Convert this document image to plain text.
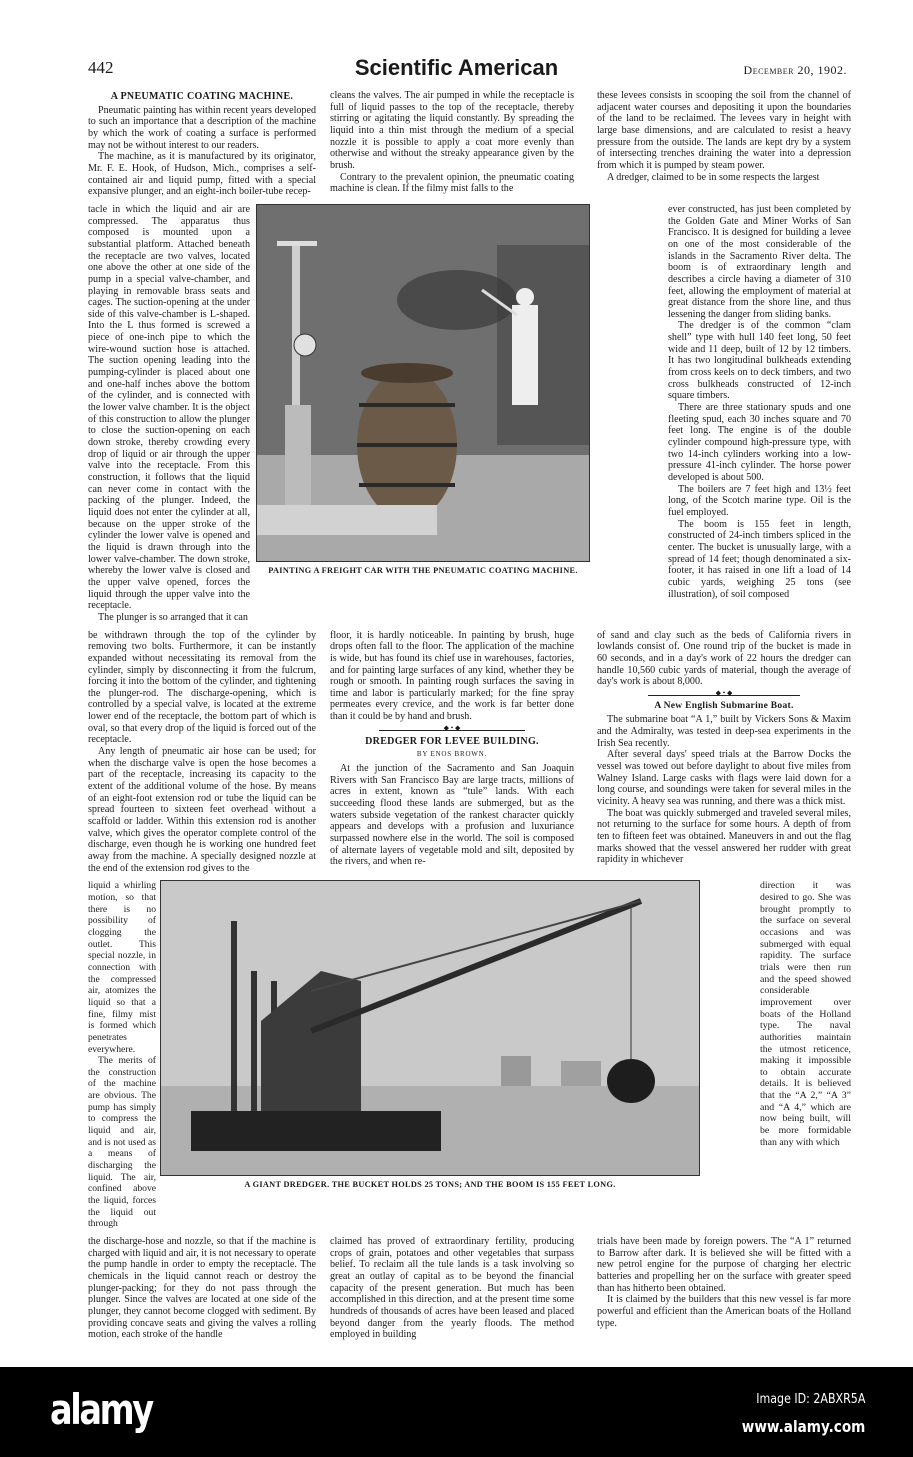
442	Scientific American	December 20, 1902.

A PNEUMATIC COATING MACHINE.

Pneumatic painting has within recent years developed to such an importance that a description of the machine by which the work of coating a surface is performed may not be without interest to our readers.

The machine, as it is manufactured by its originator, Mr. F. E. Hook, of Hudson, Mich., comprises a self-contained air and liquid pump, fitted with a special expansive plunger, and an eight-inch boiler-tube recep-

cleans the valves. The air pumped in while the receptacle is full of liquid passes to the top of the receptacle, thereby stirring or agitating the liquid constantly. By spreading the liquid into a thin mist through the medium of a special nozzle it is possible to apply a coat more evenly than otherwise and without the streaky appearance given by the brush.

Contrary to the prevalent opinion, the pneumatic coating machine is clean. If the filmy mist falls to the

these levees consists in scooping the soil from the channel of adjacent water courses and depositing it upon the boundaries of the land to be reclaimed. The levees vary in height with large base dimensions, and are calculated to resist a heavy pressure from the outside. The lands are kept dry by a system of intersecting trenches draining the water into a depression from which it is pumped by steam power.

A dredger, claimed to be in some respects the largest

tacle in which the liquid and air are compressed. The apparatus thus composed is mounted upon a substantial platform. Attached beneath the receptacle are two valves, located one above the other at one side of the pump in a special valve-chamber, and playing in removable brass seats and cages. The suction-opening at the under side of this valve-chamber is L-shaped. Into the L thus formed is screwed a piece of one-inch pipe to which the wire-wound suction hose is attached. The suction opening leading into the pumping-cylinder is placed about one and one-half inches above the bottom of the cylinder, and is connected with the lower valve chamber. It is the object of this construction to allow the plunger to close the suction-opening on each down stroke, thereby crowding every drop of liquid or air through the upper valve into the receptacle. From this construction, it follows that the liquid can never come in contact with the packing of the plunger. Indeed, the liquid does not enter the cylinder at all, because on the upper stroke of the cylinder the lower valve is opened and the liquid is drawn through into the lower valve-chamber. The down stroke, whereby the lower valve is closed and the upper valve opened, forces the liquid through the upper valve into the receptacle.

The plunger is so arranged that it can

PAINTING A FREIGHT CAR WITH THE PNEUMATIC COATING MACHINE.

ever constructed, has just been completed by the Golden Gate and Miner Works of San Francisco. It is designed for building a levee on one of the most considerable of the islands in the Sacramento River delta. The boom is of extraordinary length and describes a circle having a diameter of 310 feet, allowing the employment of material at great distance from the shore line, and thus lessening the danger from sliding banks.

The dredger is of the common “clam shell” type with hull 140 feet long, 50 feet wide and 11 deep, built of 12 by 12 timbers. It has two longitudinal bulkheads extending from cross keels on to deck timbers, and two cross bulkheads constructed of 12-inch square timbers.

There are three stationary spuds and one fleeting spud, each 30 inches square and 70 feet long. The engine is of the double cylinder compound high-pressure type, with two 14-inch cylinders working into a low-pressure 41-inch cylinder. The horse power developed is about 500.

The boilers are 7 feet high and 13½ feet long, of the Scotch marine type. Oil is the fuel employed.

The boom is 155 feet in length, constructed of 24-inch timbers spliced in the center. The bucket is unusually large, with a spread of 14 feet; though denominated a six-footer, it has raised in one lift a load of 14 cubic yards, weighing 25 tons (see illustration), of soil composed

be withdrawn through the top of the cylinder by removing two bolts. Furthermore, it can be instantly expanded without necessitating its removal from the cylinder, simply by disconnecting it from the fulcrum, forcing it into the bottom of the cylinder, and tightening the plunger-rod. The discharge-opening, which is controlled by a special valve, is located at the extreme lower end of the receptacle, the bottom part of which is oval, so that every drop of the liquid is forced out of the receptacle.

Any length of pneumatic air hose can be used; for when the discharge valve is open the hose becomes a part of the receptacle, increasing its capacity to the extent of the additional volume of the hose. By means of an eight-foot extension rod or tube the liquid can be spread fourteen to sixteen feet overhead without a scaffold or ladder. Within this extension rod is another valve, which gives the operator complete control of the discharge, even though he is working one hundred feet away from the machine. A specially designed nozzle at the end of the extension rod gives to the

floor, it is hardly noticeable. In painting by brush, huge drops often fall to the floor. The application of the machine is wide, but has found its chief use in warehouses, factories, and for painting large surfaces of any kind, whether they be rough or smooth. In painting rough surfaces the saving in time and labor is particularly marked; for the fine spray permeates every crevice, and the work is far better done than it could be by hand and brush.

◆ • ◆

DREDGER FOR LEVEE BUILDING.

BY ENOS BROWN.

At the junction of the Sacramento and San Joaquin Rivers with San Francisco Bay are large tracts, millions of acres in extent, known as “tule” lands. With each succeeding flood these lands are submerged, but as the waters subside vegetation of the rankest character quickly appears and develops with a profusion and luxuriance surpassed nowhere else in the world. The soil is composed of alternate layers of vegetable mold and silt, deposited by the rivers, and when re-

of sand and clay such as the beds of California rivers in lowlands consist of. One round trip of the bucket is made in 60 seconds, and in a day's work of 22 hours the dredger can handle 10,560 cubic yards of material, though the average of day's work is about 8,000.

◆ • ◆

A New English Submarine Boat.

The submarine boat “A 1,” built by Vickers Sons & Maxim and the Admiralty, was tested in deep-sea experiments in the Irish Sea recently.

After several days' speed trials at the Barrow Docks the vessel was towed out before daylight to about five miles from Walney Island. Large casks with flags were laid down for a long course, and soundings were taken for several miles in the vicinity. A heavy sea was running, and there was a thick mist.

The boat was quickly submerged and traveled several miles, not returning to the surface for some hours. A depth of from ten to fifteen feet was obtained. Maneuvers in and out the flag marks showed that the vessel answered her rudder with great rapidity in whichever

liquid a whirling motion, so that there is no possibility of clogging the outlet. This special nozzle, in connection with the compressed air, atomizes the liquid so that a fine, filmy mist is formed which penetrates everywhere.

The merits of the construction of the machine are obvious. The pump has simply to compress the liquid and air, and is not used as a means of discharging the liquid. The air, confined above the liquid, forces the liquid out through

A GIANT DREDGER. THE BUCKET HOLDS 25 TONS; AND THE BOOM IS 155 FEET LONG.

direction it was desired to go. She was brought promptly to the surface on several occasions and was submerged with equal rapidity. The surface trials were then run and the speed showed considerable improvement over boats of the Holland type. The naval authorities maintain the utmost reticence, making it impossible to obtain accurate details. It is believed that the “A 2,” “A 3” and “A 4,” which are now being built, will be more formidable than any with which

the discharge-hose and nozzle, so that if the machine is charged with liquid and air, it is not necessary to operate the pump handle in order to empty the receptacle. The chemicals in the liquid cannot reach or destroy the plunger-packing; for they do not pass through the plunger. Since the valves are located at one side of the plunger, they cannot become clogged with sediment. By providing concave seats and giving the valves a rolling motion, each stroke of the handle

claimed has proved of extraordinary fertility, producing crops of grain, potatoes and other vegetables that surpass belief. To reclaim all the tule lands is a task involving so great an outlay of capital as to be beyond the financial capacity of the present generation. But much has been accomplished in this direction, and at the present time some hundreds of thousands of acres have been leased and placed beyond danger from the yearly floods. The method employed in building

trials have been made by foreign powers. The “A 1” returned to Barrow after dark. It is believed she will be fitted with a new petrol engine for the purpose of charging her electric batteries and propelling her on the surface with greater speed than has hitherto been obtained.

It is claimed by the builders that this new vessel is far more powerful and efficient than the American boats of the Holland type.

alamy	Image ID: 2ABXR5A
www.alamy.com
